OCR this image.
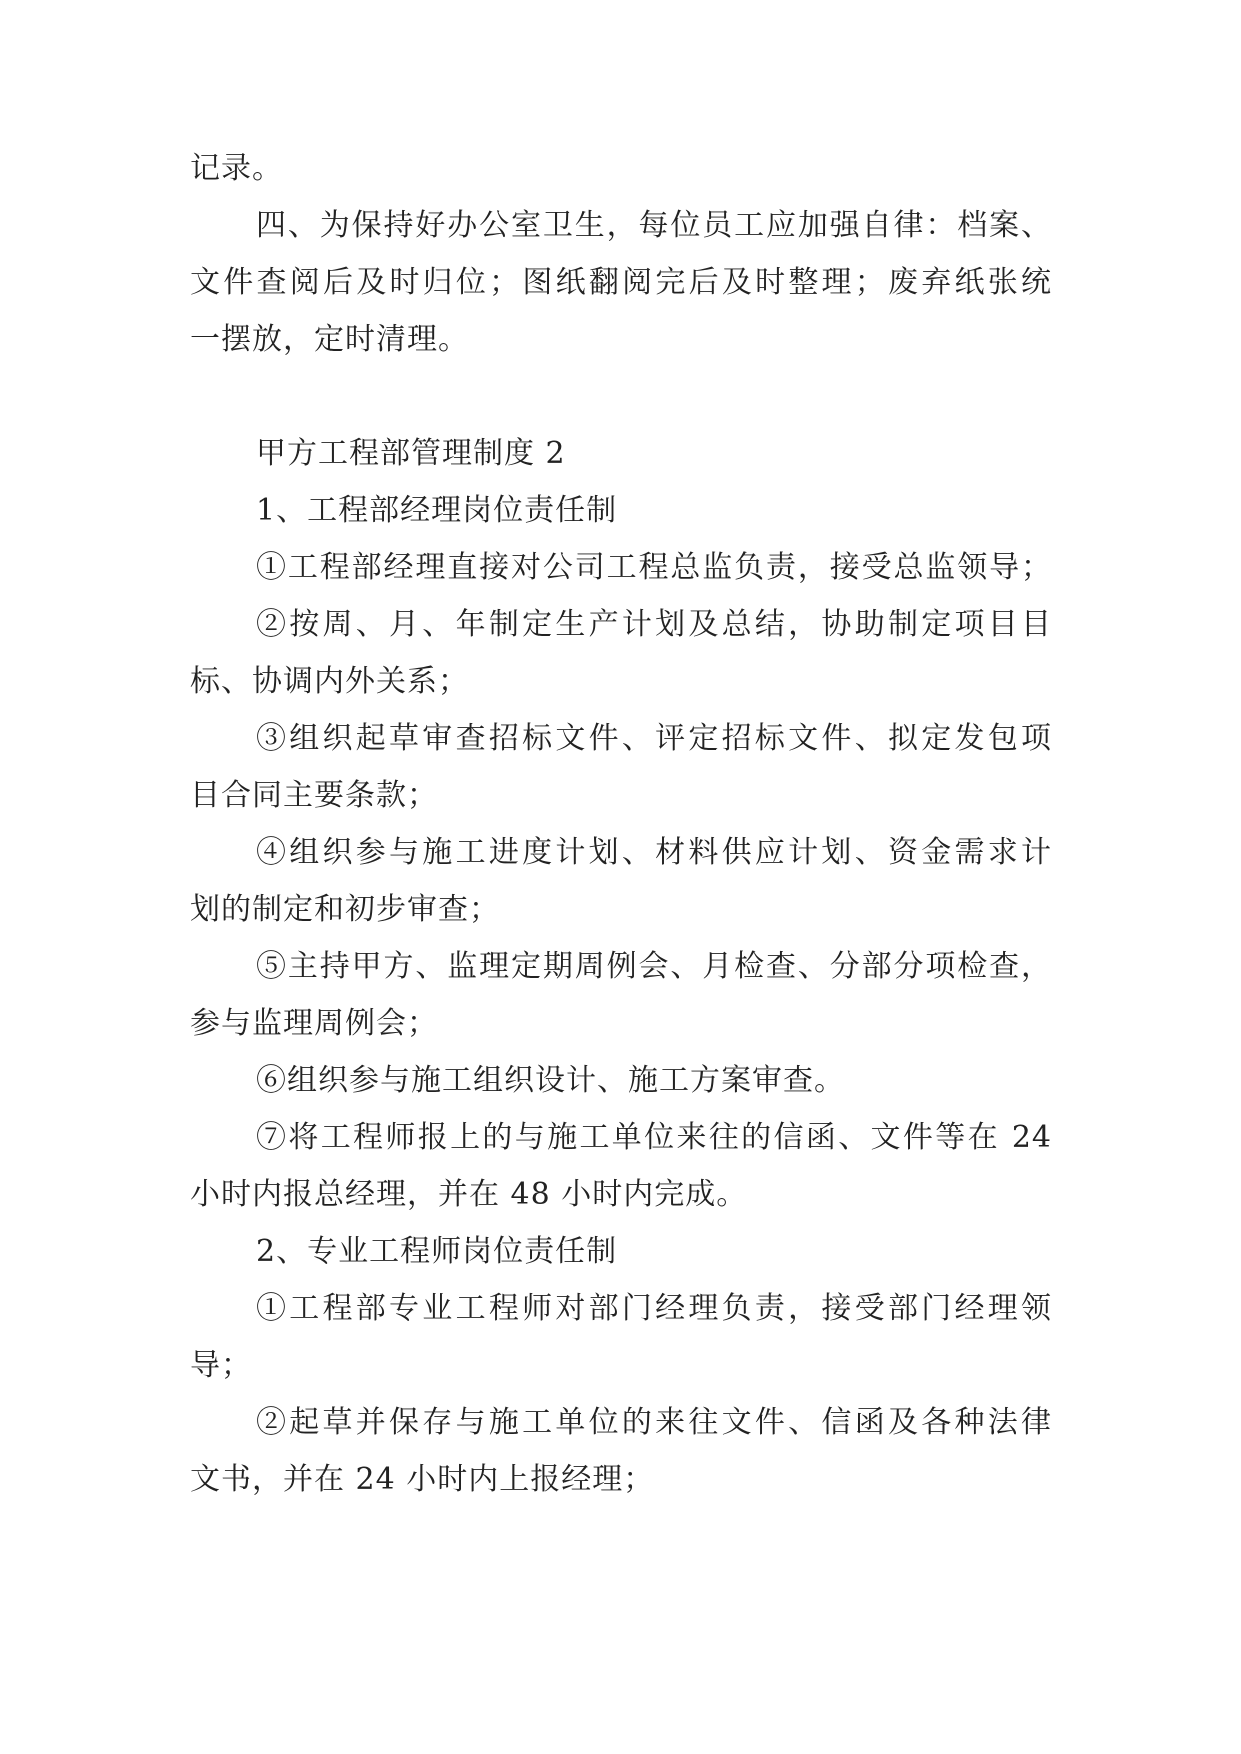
记录。
四、为保持好办公室卫生，每位员工应加强自律：档案、
文件查阅后及时归位；图纸翻阅完后及时整理；废弃纸张统
一摆放，定时清理。
甲方工程部管理制度 2
1、工程部经理岗位责任制
①工程部经理直接对公司工程总监负责，接受总监领导；
②按周、月、年制定生产计划及总结，协助制定项目目
标、协调内外关系；
③组织起草审查招标文件、评定招标文件、拟定发包项
目合同主要条款；
④组织参与施工进度计划、材料供应计划、资金需求计
划的制定和初步审查；
⑤主持甲方、监理定期周例会、月检查、分部分项检查，
参与监理周例会；
⑥组织参与施工组织设计、施工方案审查。
⑦将工程师报上的与施工单位来往的信函、文件等在 24
小时内报总经理，并在 48 小时内完成。
2、专业工程师岗位责任制
①工程部专业工程师对部门经理负责，接受部门经理领
导；
②起草并保存与施工单位的来往文件、信函及各种法律
文书，并在 24 小时内上报经理；
